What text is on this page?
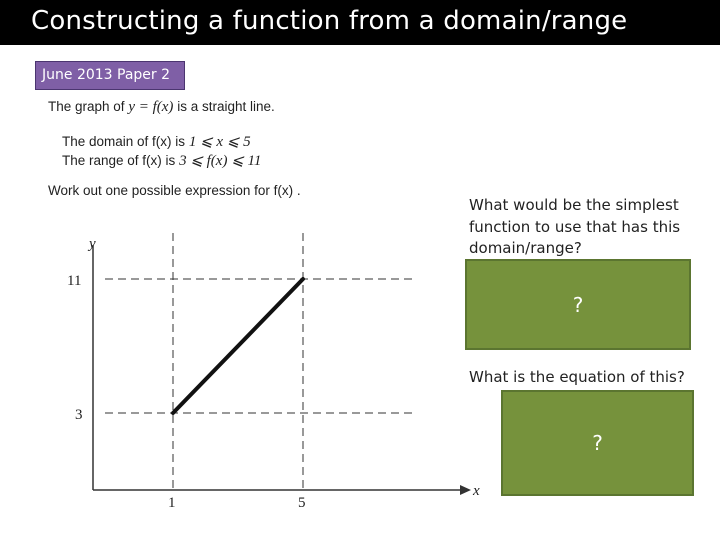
Constructing a function from a domain/range
June 2013 Paper 2
The graph of y = f(x) is a straight line.
The domain of f(x) is 1 ⩽ x ⩽ 5
The range of f(x) is 3 ⩽ f(x) ⩽ 11
Work out one possible expression for f(x) .
y
x
11
3
1	5
What would be the simplest function to use that has this domain/range?
?
What is the equation of this?
?
